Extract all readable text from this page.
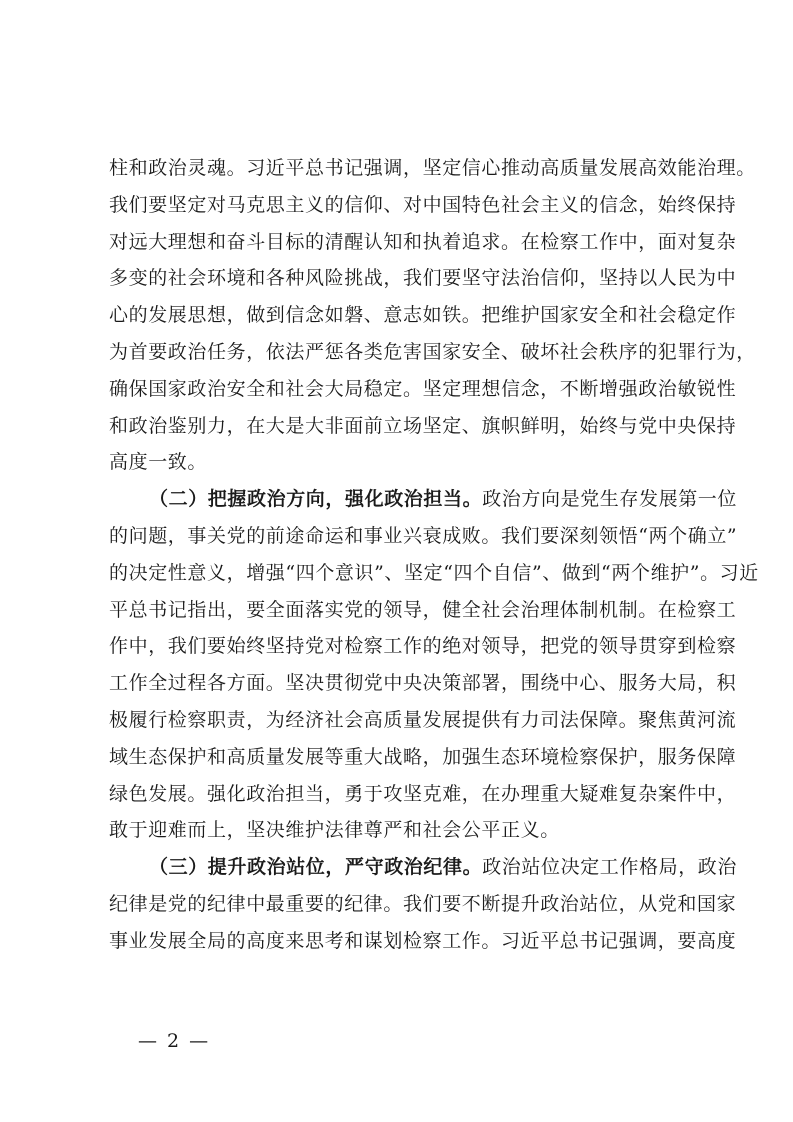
柱和政治灵魂。习近平总书记强调，坚定信心推动高质量发展高效能治理。
我们要坚定对马克思主义的信仰、对中国特色社会主义的信念，始终保持
对远大理想和奋斗目标的清醒认知和执着追求。在检察工作中，面对复杂
多变的社会环境和各种风险挑战，我们要坚守法治信仰，坚持以人民为中
心的发展思想，做到信念如磐、意志如铁。把维护国家安全和社会稳定作
为首要政治任务，依法严惩各类危害国家安全、破坏社会秩序的犯罪行为，
确保国家政治安全和社会大局稳定。坚定理想信念，不断增强政治敏锐性
和政治鉴别力，在大是大非面前立场坚定、旗帜鲜明，始终与党中央保持
高度一致。
（二）把握政治方向，强化政治担当。政治方向是党生存发展第一位
的问题，事关党的前途命运和事业兴衰成败。我们要深刻领悟“两个确立”
的决定性意义，增强“四个意识”、坚定“四个自信”、做到“两个维护”。习近
平总书记指出，要全面落实党的领导，健全社会治理体制机制。在检察工
作中，我们要始终坚持党对检察工作的绝对领导，把党的领导贯穿到检察
工作全过程各方面。坚决贯彻党中央决策部署，围绕中心、服务大局，积
极履行检察职责，为经济社会高质量发展提供有力司法保障。聚焦黄河流
域生态保护和高质量发展等重大战略，加强生态环境检察保护，服务保障
绿色发展。强化政治担当，勇于攻坚克难，在办理重大疑难复杂案件中，
敢于迎难而上，坚决维护法律尊严和社会公平正义。
（三）提升政治站位，严守政治纪律。政治站位决定工作格局，政治
纪律是党的纪律中最重要的纪律。我们要不断提升政治站位，从党和国家
事业发展全局的高度来思考和谋划检察工作。习近平总书记强调，要高度
— 2 —
